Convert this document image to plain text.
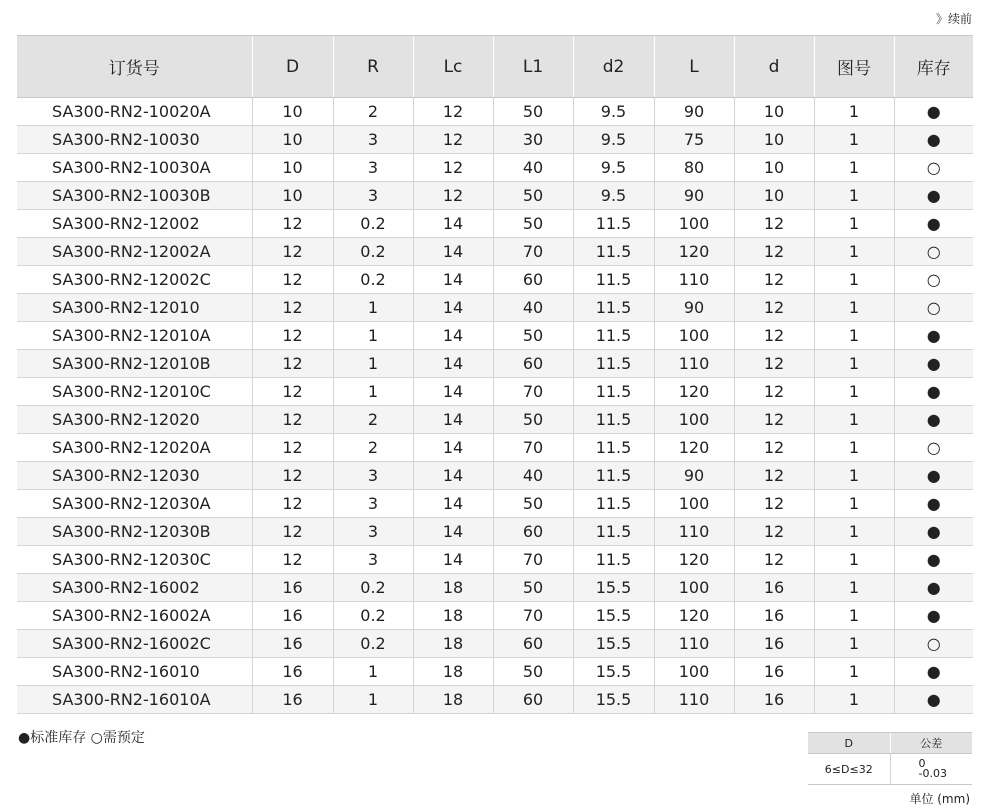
》续前
订货号	D	R	Lc	L1	d2	L	d	图号	库存
SA300-RN2-10020A	10	2	12	50	9.5	90	10	1	●
SA300-RN2-10030	10	3	12	30	9.5	75	10	1	●
SA300-RN2-10030A	10	3	12	40	9.5	80	10	1	○
SA300-RN2-10030B	10	3	12	50	9.5	90	10	1	●
SA300-RN2-12002	12	0.2	14	50	11.5	100	12	1	●
SA300-RN2-12002A	12	0.2	14	70	11.5	120	12	1	○
SA300-RN2-12002C	12	0.2	14	60	11.5	110	12	1	○
SA300-RN2-12010	12	1	14	40	11.5	90	12	1	○
SA300-RN2-12010A	12	1	14	50	11.5	100	12	1	●
SA300-RN2-12010B	12	1	14	60	11.5	110	12	1	●
SA300-RN2-12010C	12	1	14	70	11.5	120	12	1	●
SA300-RN2-12020	12	2	14	50	11.5	100	12	1	●
SA300-RN2-12020A	12	2	14	70	11.5	120	12	1	○
SA300-RN2-12030	12	3	14	40	11.5	90	12	1	●
SA300-RN2-12030A	12	3	14	50	11.5	100	12	1	●
SA300-RN2-12030B	12	3	14	60	11.5	110	12	1	●
SA300-RN2-12030C	12	3	14	70	11.5	120	12	1	●
SA300-RN2-16002	16	0.2	18	50	15.5	100	16	1	●
SA300-RN2-16002A	16	0.2	18	70	15.5	120	16	1	●
SA300-RN2-16002C	16	0.2	18	60	15.5	110	16	1	○
SA300-RN2-16010	16	1	18	50	15.5	100	16	1	●
SA300-RN2-16010A	16	1	18	60	15.5	110	16	1	●
●标准库存 ○需预定	D	公差
6≤D≤32	0
-0.03
单位 (mm)
